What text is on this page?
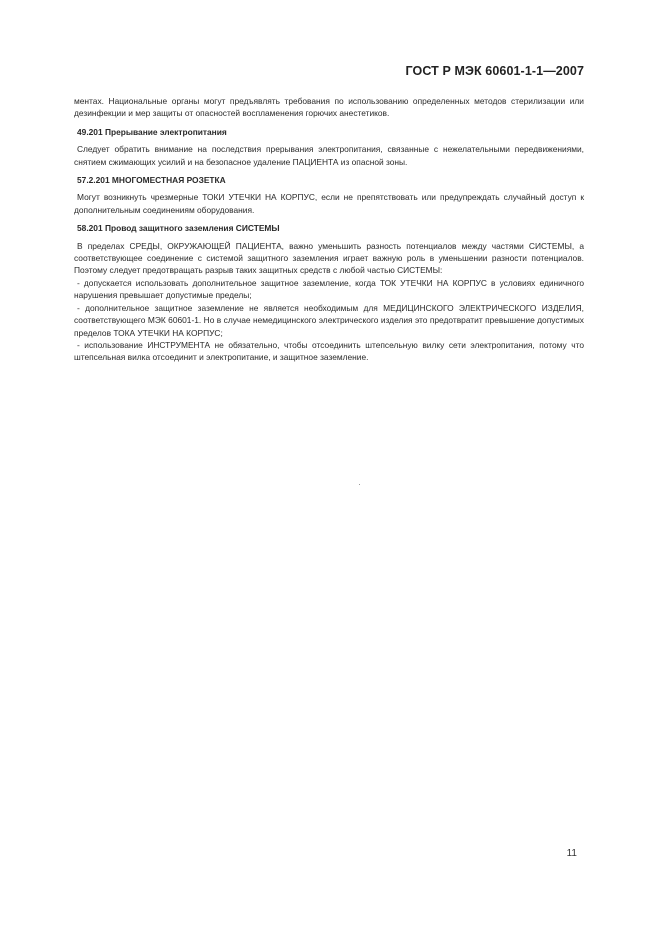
ГОСТ Р МЭК 60601-1-1—2007

ментах. Национальные органы могут предъявлять требования по использованию определенных методов стерилизации или дезинфекции и мер защиты от опасностей воспламенения горючих анестетиков.

49.201 Прерывание электропитания

Следует обратить внимание на последствия прерывания электропитания, связанные с нежелательными передвижениями, снятием сжимающих усилий и на безопасное удаление ПАЦИЕНТА из опасной зоны.

57.2.201 МНОГОМЕСТНАЯ РОЗЕТКА

Могут возникнуть чрезмерные ТОКИ УТЕЧКИ НА КОРПУС, если не препятствовать или предупреждать случайный доступ к дополнительным соединениям оборудования.

58.201 Провод защитного заземления СИСТЕМЫ

В пределах СРЕДЫ, ОКРУЖАЮЩЕЙ ПАЦИЕНТА, важно уменьшить разность потенциалов между частями СИСТЕМЫ, а соответствующее соединение с системой защитного заземления играет важную роль в уменьшении разности потенциалов. Поэтому следует предотвращать разрыв таких защитных средств с любой частью СИСТЕМЫ:

- допускается использовать дополнительное защитное заземление, когда ТОК УТЕЧКИ НА КОРПУС в условиях единичного нарушения превышает допустимые пределы;

- дополнительное защитное заземление не является необходимым для МЕДИЦИНСКОГО ЭЛЕКТРИЧЕСКОГО ИЗДЕЛИЯ, соответствующего МЭК 60601-1. Но в случае немедицинского электрического изделия это предотвратит превышение допустимых пределов ТОКА УТЕЧКИ НА КОРПУС;

- использование ИНСТРУМЕНТА не обязательно, чтобы отсоединить штепсельную вилку сети электропитания, потому что штепсельная вилка отсоединит и электропитание, и защитное заземление.

11
